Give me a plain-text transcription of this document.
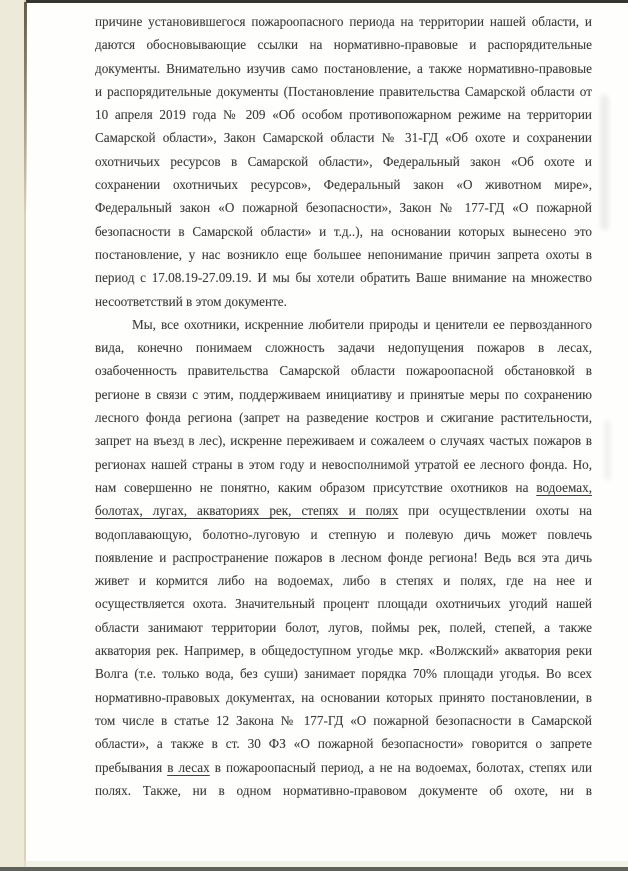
причине установившегося пожароопасного периода на территории нашей области, и
даются обосновывающие ссылки на нормативно-правовые и распорядительные
документы. Внимательно изучив само постановление, а также нормативно-правовые
и распорядительные документы (Постановление правительства Самарской области от
10 апреля 2019 года № 209 «Об особом противопожарном режиме на территории
Самарской области», Закон Самарской области № 31-ГД «Об охоте и сохранении
охотничьих ресурсов в Самарской области», Федеральный закон «Об охоте и
сохранении охотничьих ресурсов», Федеральный закон «О животном мире»,
Федеральный закон «О пожарной безопасности», Закон № 177-ГД «О пожарной
безопасности в Самарской области» и т.д..), на основании которых вынесено это
постановление, у нас возникло еще большее непонимание причин запрета охоты в
период с 17.08.19-27.09.19. И мы бы хотели обратить Ваше внимание на множество
несоответствий в этом документе.
Мы, все охотники, искренние любители природы и ценители ее первозданного
вида, конечно понимаем сложность задачи недопущения пожаров в лесах,
озабоченность правительства Самарской области пожароопасной обстановкой в
регионе в связи с этим, поддерживаем инициативу и принятые меры по сохранению
лесного фонда региона (запрет на разведение костров и сжигание растительности,
запрет на въезд в лес), искренне переживаем и сожалеем о случаях частых пожаров в
регионах нашей страны в этом году и невосполнимой утратой ее лесного фонда. Но,
нам совершенно не понятно, каким образом присутствие охотников на водоемах,
болотах, лугах, акваториях рек, степях и полях при осуществлении охоты на
водоплавающую, болотно-луговую и степную и полевую дичь может повлечь
появление и распространение пожаров в лесном фонде региона! Ведь вся эта дичь
живет и кормится либо на водоемах, либо в степях и полях, где на нее и
осуществляется охота. Значительный процент площади охотничьих угодий нашей
области занимают территории болот, лугов, поймы рек, полей, степей, а также
акватория рек. Например, в общедоступном угодье мкр. «Волжский» акватория реки
Волга (т.е. только вода, без суши) занимает порядка 70% площади угодья. Во всех
нормативно-правовых документах, на основании которых принято постановлении, в
том числе в статье 12 Закона № 177-ГД «О пожарной безопасности в Самарской
области», а также в ст. 30 ФЗ «О пожарной безопасности» говорится о запрете
пребывания в лесах в пожароопасный период, а не на водоемах, болотах, степях или
полях. Также, ни в одном нормативно-правовом документе об охоте, ни в
